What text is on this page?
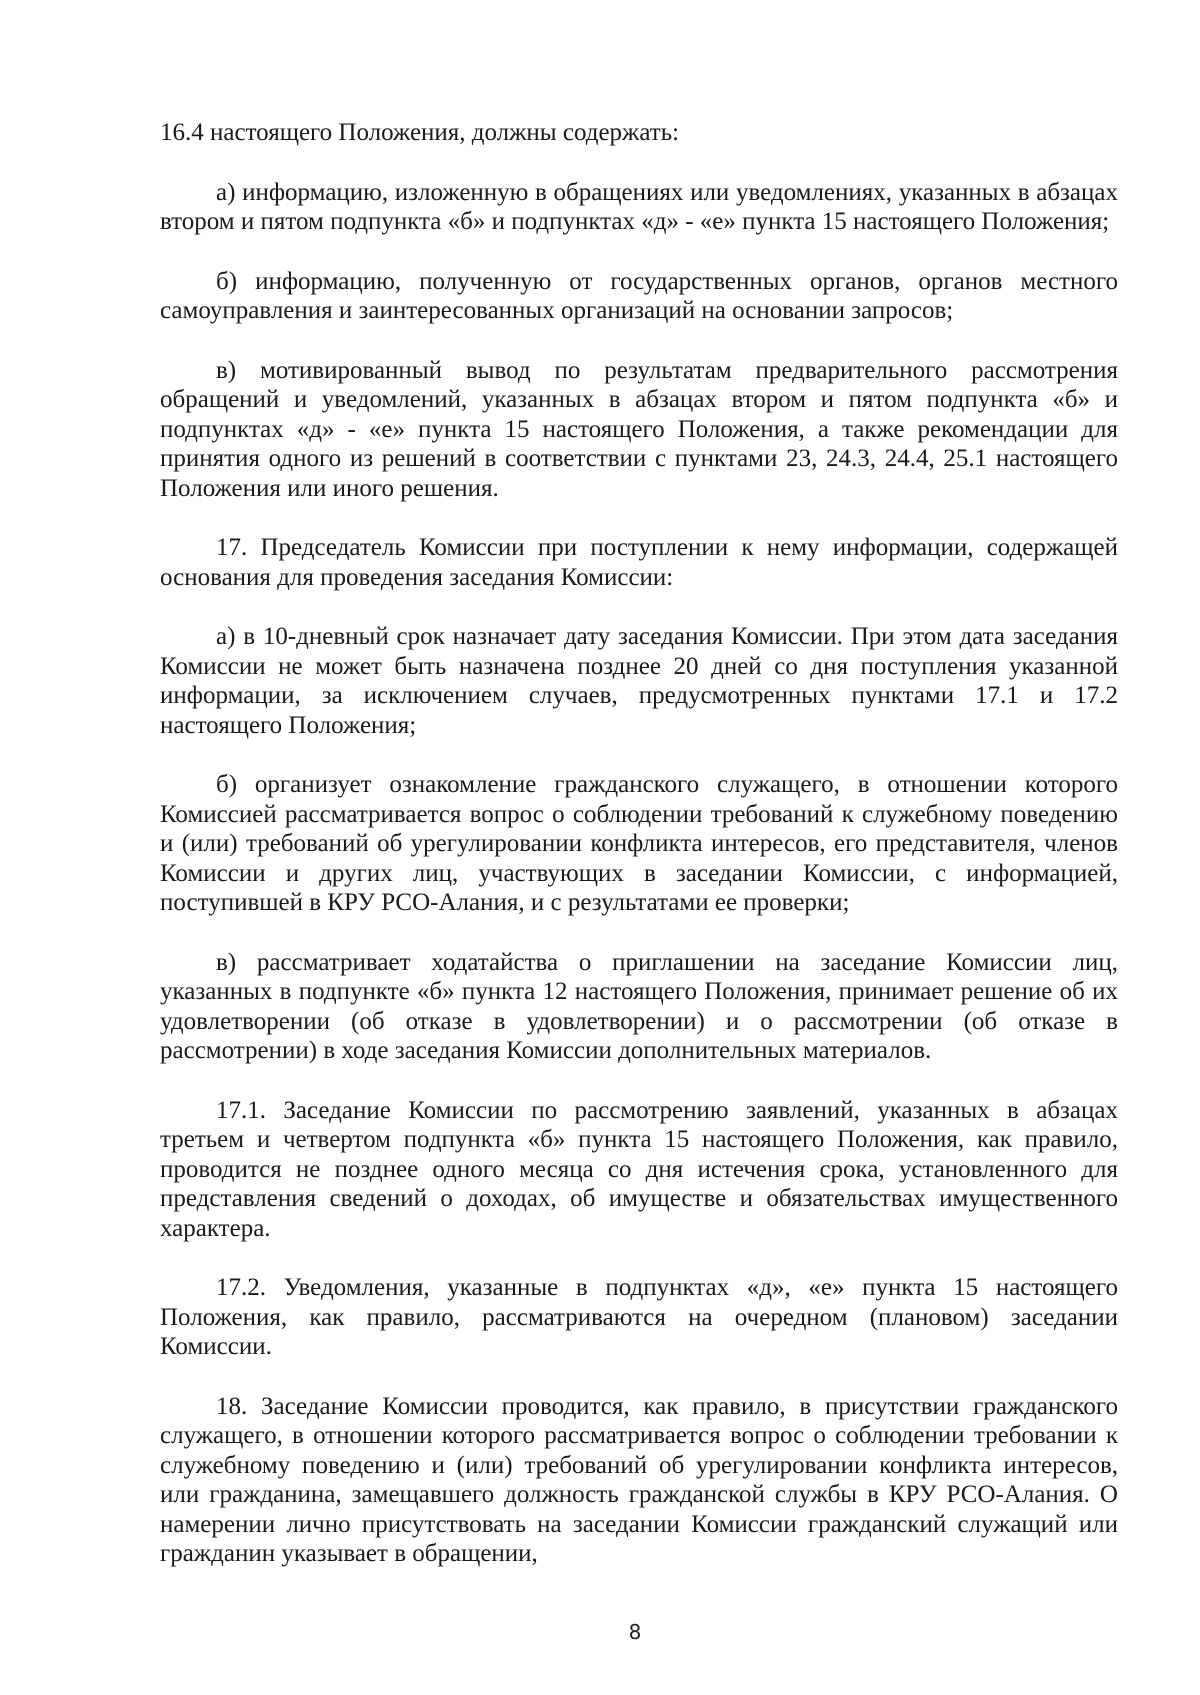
16.4 настоящего Положения, должны содержать:

а) информацию, изложенную в обращениях или уведомлениях, указанных в абзацах втором и пятом подпункта «б» и подпунктах «д» - «е» пункта 15 настоящего Положения;

б) информацию, полученную от государственных органов, органов местного самоуправления и заинтересованных организаций на основании запросов;

в) мотивированный вывод по результатам предварительного рассмотрения обращений и уведомлений, указанных в абзацах втором и пятом подпункта «б» и подпунктах «д» - «е» пункта 15 настоящего Положения, а также рекомендации для принятия одного из решений в соответствии с пунктами 23, 24.3, 24.4, 25.1 настоящего Положения или иного решения.

17. Председатель Комиссии при поступлении к нему информации, содержащей основания для проведения заседания Комиссии:

а) в 10-дневный срок назначает дату заседания Комиссии. При этом дата заседания Комиссии не может быть назначена позднее 20 дней со дня поступления указанной информации, за исключением случаев, предусмотренных пунктами 17.1 и 17.2 настоящего Положения;

б) организует ознакомление гражданского служащего, в отношении которого Комиссией рассматривается вопрос о соблюдении требований к служебному поведению и (или) требований об урегулировании конфликта интересов, его представителя, членов Комиссии и других лиц, участвующих в заседании Комиссии, с информацией, поступившей в КРУ РСО-Алания, и с результатами ее проверки;

в) рассматривает ходатайства о приглашении на заседание Комиссии лиц, указанных в подпункте «б» пункта 12 настоящего Положения, принимает решение об их удовлетворении (об отказе в удовлетворении) и о рассмотрении (об отказе в рассмотрении) в ходе заседания Комиссии дополнительных материалов.

17.1. Заседание Комиссии по рассмотрению заявлений, указанных в абзацах третьем и четвертом подпункта «б» пункта 15 настоящего Положения, как правило, проводится не позднее одного месяца со дня истечения срока, установленного для представления сведений о доходах, об имуществе и обязательствах имущественного характера.

17.2. Уведомления, указанные в подпунктах «д», «е» пункта 15 настоящего Положения, как правило, рассматриваются на очередном (плановом) заседании Комиссии.

18. Заседание Комиссии проводится, как правило, в присутствии гражданского служащего, в отношении которого рассматривается вопрос о соблюдении требовании к служебному поведению и (или) требований об урегулировании конфликта интересов, или гражданина, замещавшего должность гражданской службы в КРУ РСО-Алания. О намерении лично присутствовать на заседании Комиссии гражданский служащий или гражданин указывает в обращении,

8
